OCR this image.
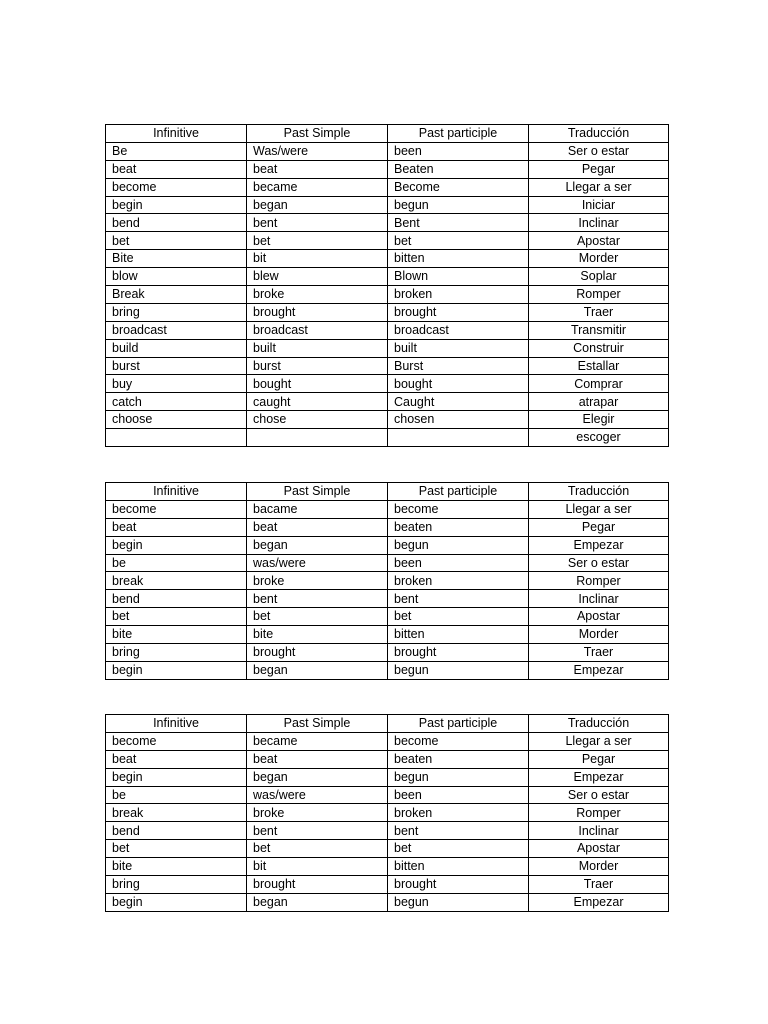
Infinitive	Past Simple	Past participle	Traducción
Be	Was/were	been	Ser o estar
beat	beat	Beaten	Pegar
become	became	Become	Llegar a ser
begin	began	begun	Iniciar
bend	bent	Bent	Inclinar
bet	bet	bet	Apostar
Bite	bit	bitten	Morder
blow	blew	Blown	Soplar
Break	broke	broken	Romper
bring	brought	brought	Traer
broadcast	broadcast	broadcast	Transmitir
build	built	built	Construir
burst	burst	Burst	Estallar
buy	bought	bought	Comprar
catch	caught	Caught	atrapar
choose	chose	chosen	Elegir
			escoger
Infinitive	Past Simple	Past participle	Traducción
become	bacame	become	Llegar a ser
beat	beat	beaten	Pegar
begin	began	begun	Empezar
be	was/were	been	Ser o estar
break	broke	broken	Romper
bend	bent	bent	Inclinar
bet	bet	bet	Apostar
bite	bite	bitten	Morder
bring	brought	brought	Traer
begin	began	begun	Empezar
Infinitive	Past Simple	Past participle	Traducción
become	became	become	Llegar a ser
beat	beat	beaten	Pegar
begin	began	begun	Empezar
be	was/were	been	Ser o estar
break	broke	broken	Romper
bend	bent	bent	Inclinar
bet	bet	bet	Apostar
bite	bit	bitten	Morder
bring	brought	brought	Traer
begin	began	begun	Empezar
